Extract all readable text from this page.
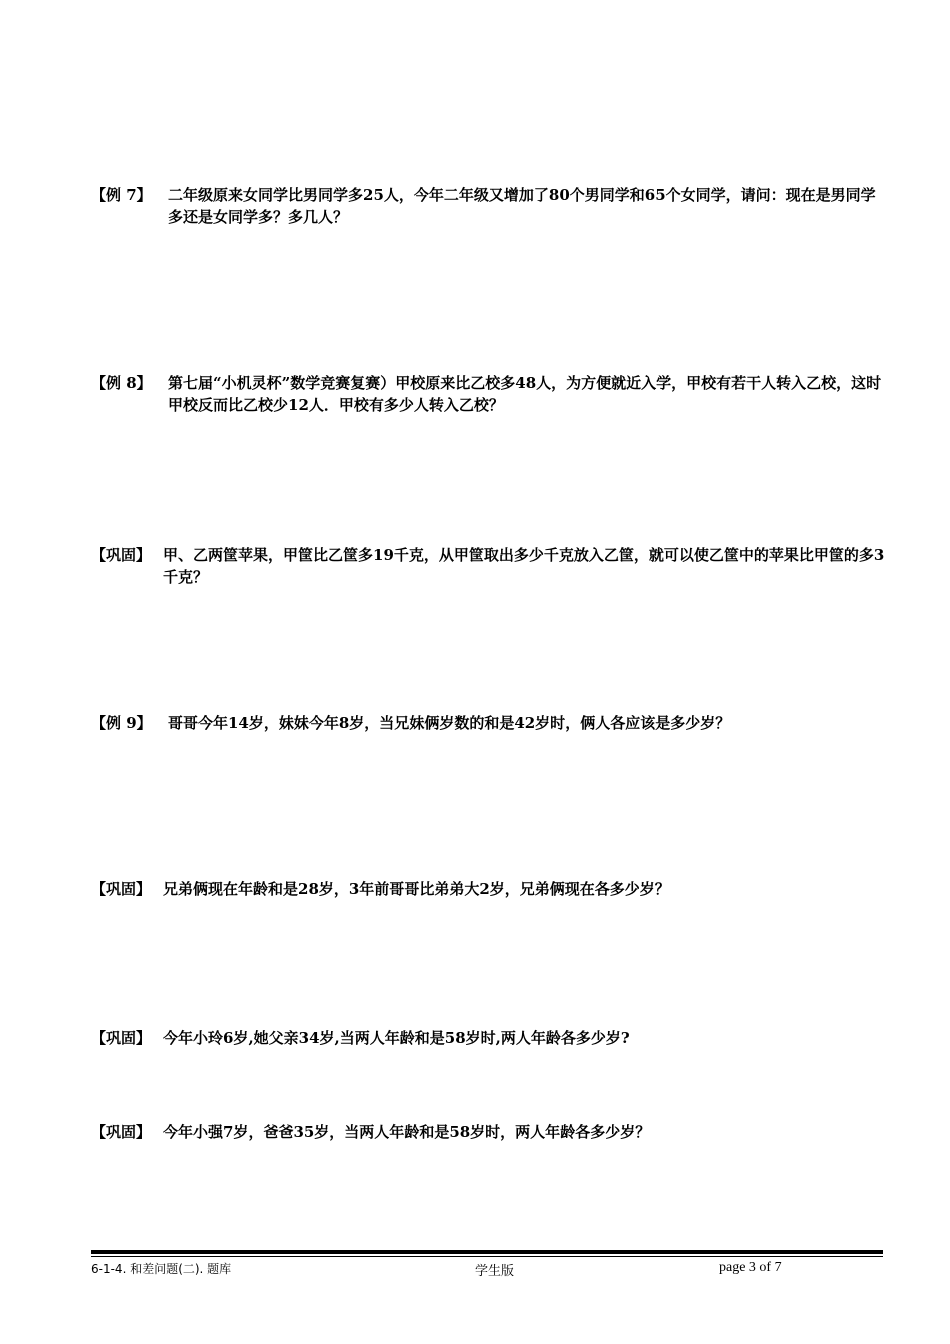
【例 7】	二年级原来女同学比男同学多25人，今年二年级又增加了80个男同学和65个女同学，请问：现在是男同学多还是女同学多？多几人？
【例 8】	第七届“小机灵杯”数学竞赛复赛）甲校原来比乙校多48人，为方便就近入学，甲校有若干人转入乙校，这时甲校反而比乙校少12人．甲校有多少人转入乙校？
【巩固】 甲、乙两筐苹果，甲筐比乙筐多19千克，从甲筐取出多少千克放入乙筐，就可以使乙筐中的苹果比甲筐的多3千克？
【例 9】	哥哥今年14岁，妹妹今年8岁，当兄妹俩岁数的和是42岁时，俩人各应该是多少岁？
【巩固】 兄弟俩现在年龄和是28岁，3年前哥哥比弟弟大2岁，兄弟俩现在各多少岁？
【巩固】 今年小玲6岁,她父亲34岁,当两人年龄和是58岁时,两人年龄各多少岁?
【巩固】 今年小强7岁，爸爸35岁，当两人年龄和是58岁时，两人年龄各多少岁？
6-1-4. 和差问题(二). 题库	学生版	page 3 of 7
